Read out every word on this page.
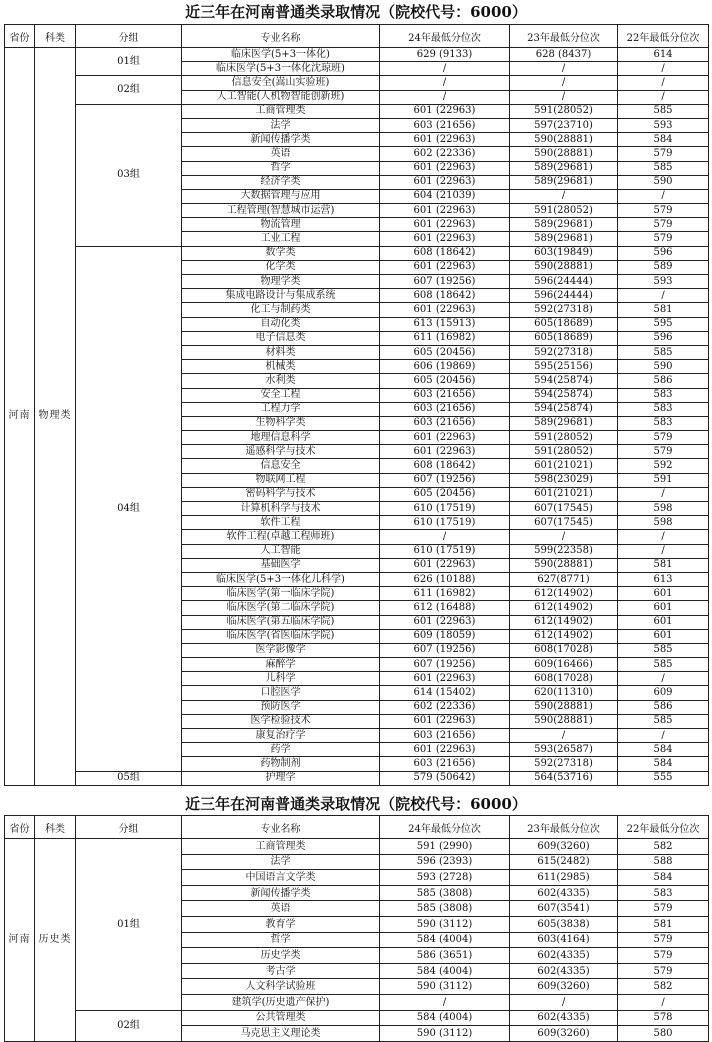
近三年在河南普通类录取情况（院校代号：6000）
省份	科类	分组	专业名称	24年最低分位次	23年最低分位次	22年最低分位次
河南	物理类	01组	临床医学(5+3一体化)	629 (9133)	628 (8437)	614
			临床医学(5+3一体化沈琼班)	/	/	/
		02组	信息安全(嵩山实验班)	/	/	/
			人工智能(人机物智能创新班)	/	/	/
		03组	工商管理类	601 (22963)	591(28052)	585
			法学	603 (21656)	597(23710)	593
			新闻传播学类	601 (22963)	590(28881)	584
			英语	602 (22336)	590(28881)	579
			哲学	601 (22963)	589(29681)	585
			经济学类	601 (22963)	589(29681)	590
			大数据管理与应用	604 (21039)	/	/
			工程管理(智慧城市运营)	601 (22963)	591(28052)	579
			物流管理	601 (22963)	589(29681)	579
			工业工程	601 (22963)	589(29681)	579
		04组	数学类	608 (18642)	603(19849)	596
			化学类	601 (22963)	590(28881)	589
			物理学类	607 (19256)	596(24444)	593
			集成电路设计与集成系统	608 (18642)	596(24444)	/
			化工与制药类	601 (22963)	592(27318)	581
			自动化类	613 (15913)	605(18689)	595
			电子信息类	611 (16982)	605(18689)	596
			材料类	605 (20456)	592(27318)	585
			机械类	606 (19869)	595(25156)	590
			水利类	605 (20456)	594(25874)	586
			安全工程	603 (21656)	594(25874)	583
			工程力学	603 (21656)	594(25874)	583
			生物科学类	603 (21656)	589(29681)	583
			地理信息科学	601 (22963)	591(28052)	579
			遥感科学与技术	601 (22963)	591(28052)	579
			信息安全	608 (18642)	601(21021)	592
			物联网工程	607 (19256)	598(23029)	591
			密码科学与技术	605 (20456)	601(21021)	/
			计算机科学与技术	610 (17519)	607(17545)	598
			软件工程	610 (17519)	607(17545)	598
			软件工程(卓越工程师班)	/	/	/
			人工智能	610 (17519)	599(22358)	/
			基础医学	601 (22963)	590(28881)	581
			临床医学(5+3一体化儿科学)	626 (10188)	627(8771)	613
			临床医学(第一临床学院)	611 (16982)	612(14902)	601
			临床医学(第二临床学院)	612 (16488)	612(14902)	601
			临床医学(第五临床学院)	601 (22963)	612(14902)	601
			临床医学(省医临床学院)	609 (18059)	612(14902)	601
			医学影像学	607 (19256)	608(17028)	585
			麻醉学	607 (19256)	609(16466)	585
			儿科学	601 (22963)	608(17028)	/
			口腔医学	614 (15402)	620(11310)	609
			预防医学	602 (22336)	590(28881)	586
			医学检验技术	601 (22963)	590(28881)	585
			康复治疗学	603 (21656)	/	/
			药学	601 (22963)	593(26587)	584
			药物制剂	603 (21656)	592(27318)	584
		05组	护理学	579 (50642)	564(53716)	555
近三年在河南普通类录取情况（院校代号：6000）
省份	科类	分组	专业名称	24年最低分位次	23年最低分位次	22年最低分位次
河南	历史类	01组	工商管理类	591 (2990)	609(3260)	582
			法学	596 (2393)	615(2482)	588
			中国语言文学类	593 (2728)	611(2985)	584
			新闻传播学类	585 (3808)	602(4335)	583
			英语	585 (3808)	607(3541)	579
			教育学	590 (3112)	605(3838)	581
			哲学	584 (4004)	603(4164)	579
			历史学类	586 (3651)	602(4335)	579
			考古学	584 (4004)	602(4335)	579
			人文科学试验班	590 (3112)	609(3260)	582
			建筑学(历史遗产保护)	/	/	/
		02组	公共管理类	584 (4004)	602(4335)	578
			马克思主义理论类	590 (3112)	609(3260)	580
